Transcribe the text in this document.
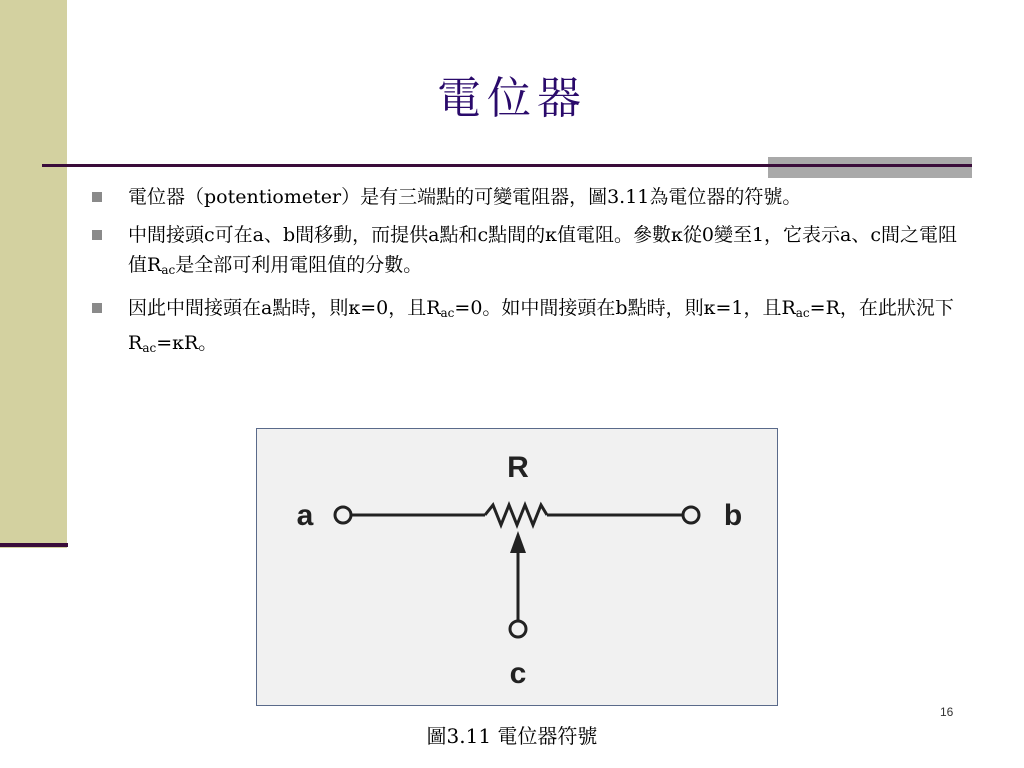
電位器
電位器（potentiometer）是有三端點的可變電阻器，圖3.11為電位器的符號。
中間接頭c可在a、b間移動，而提供a點和c點間的κ值電阻。參數κ從0變至1，它表示a、c間之電阻值$R_{ac}$是全部可利用電阻值的分數。
因此中間接頭在a點時，則κ=0，且$R_{ac}=0$。如中間接頭在b點時，則κ=1，且$R_{ac}=R$，在此狀況下$R_{ac}=\kappa R$。
R
a	b
c
圖3.11 電位器符號
16
